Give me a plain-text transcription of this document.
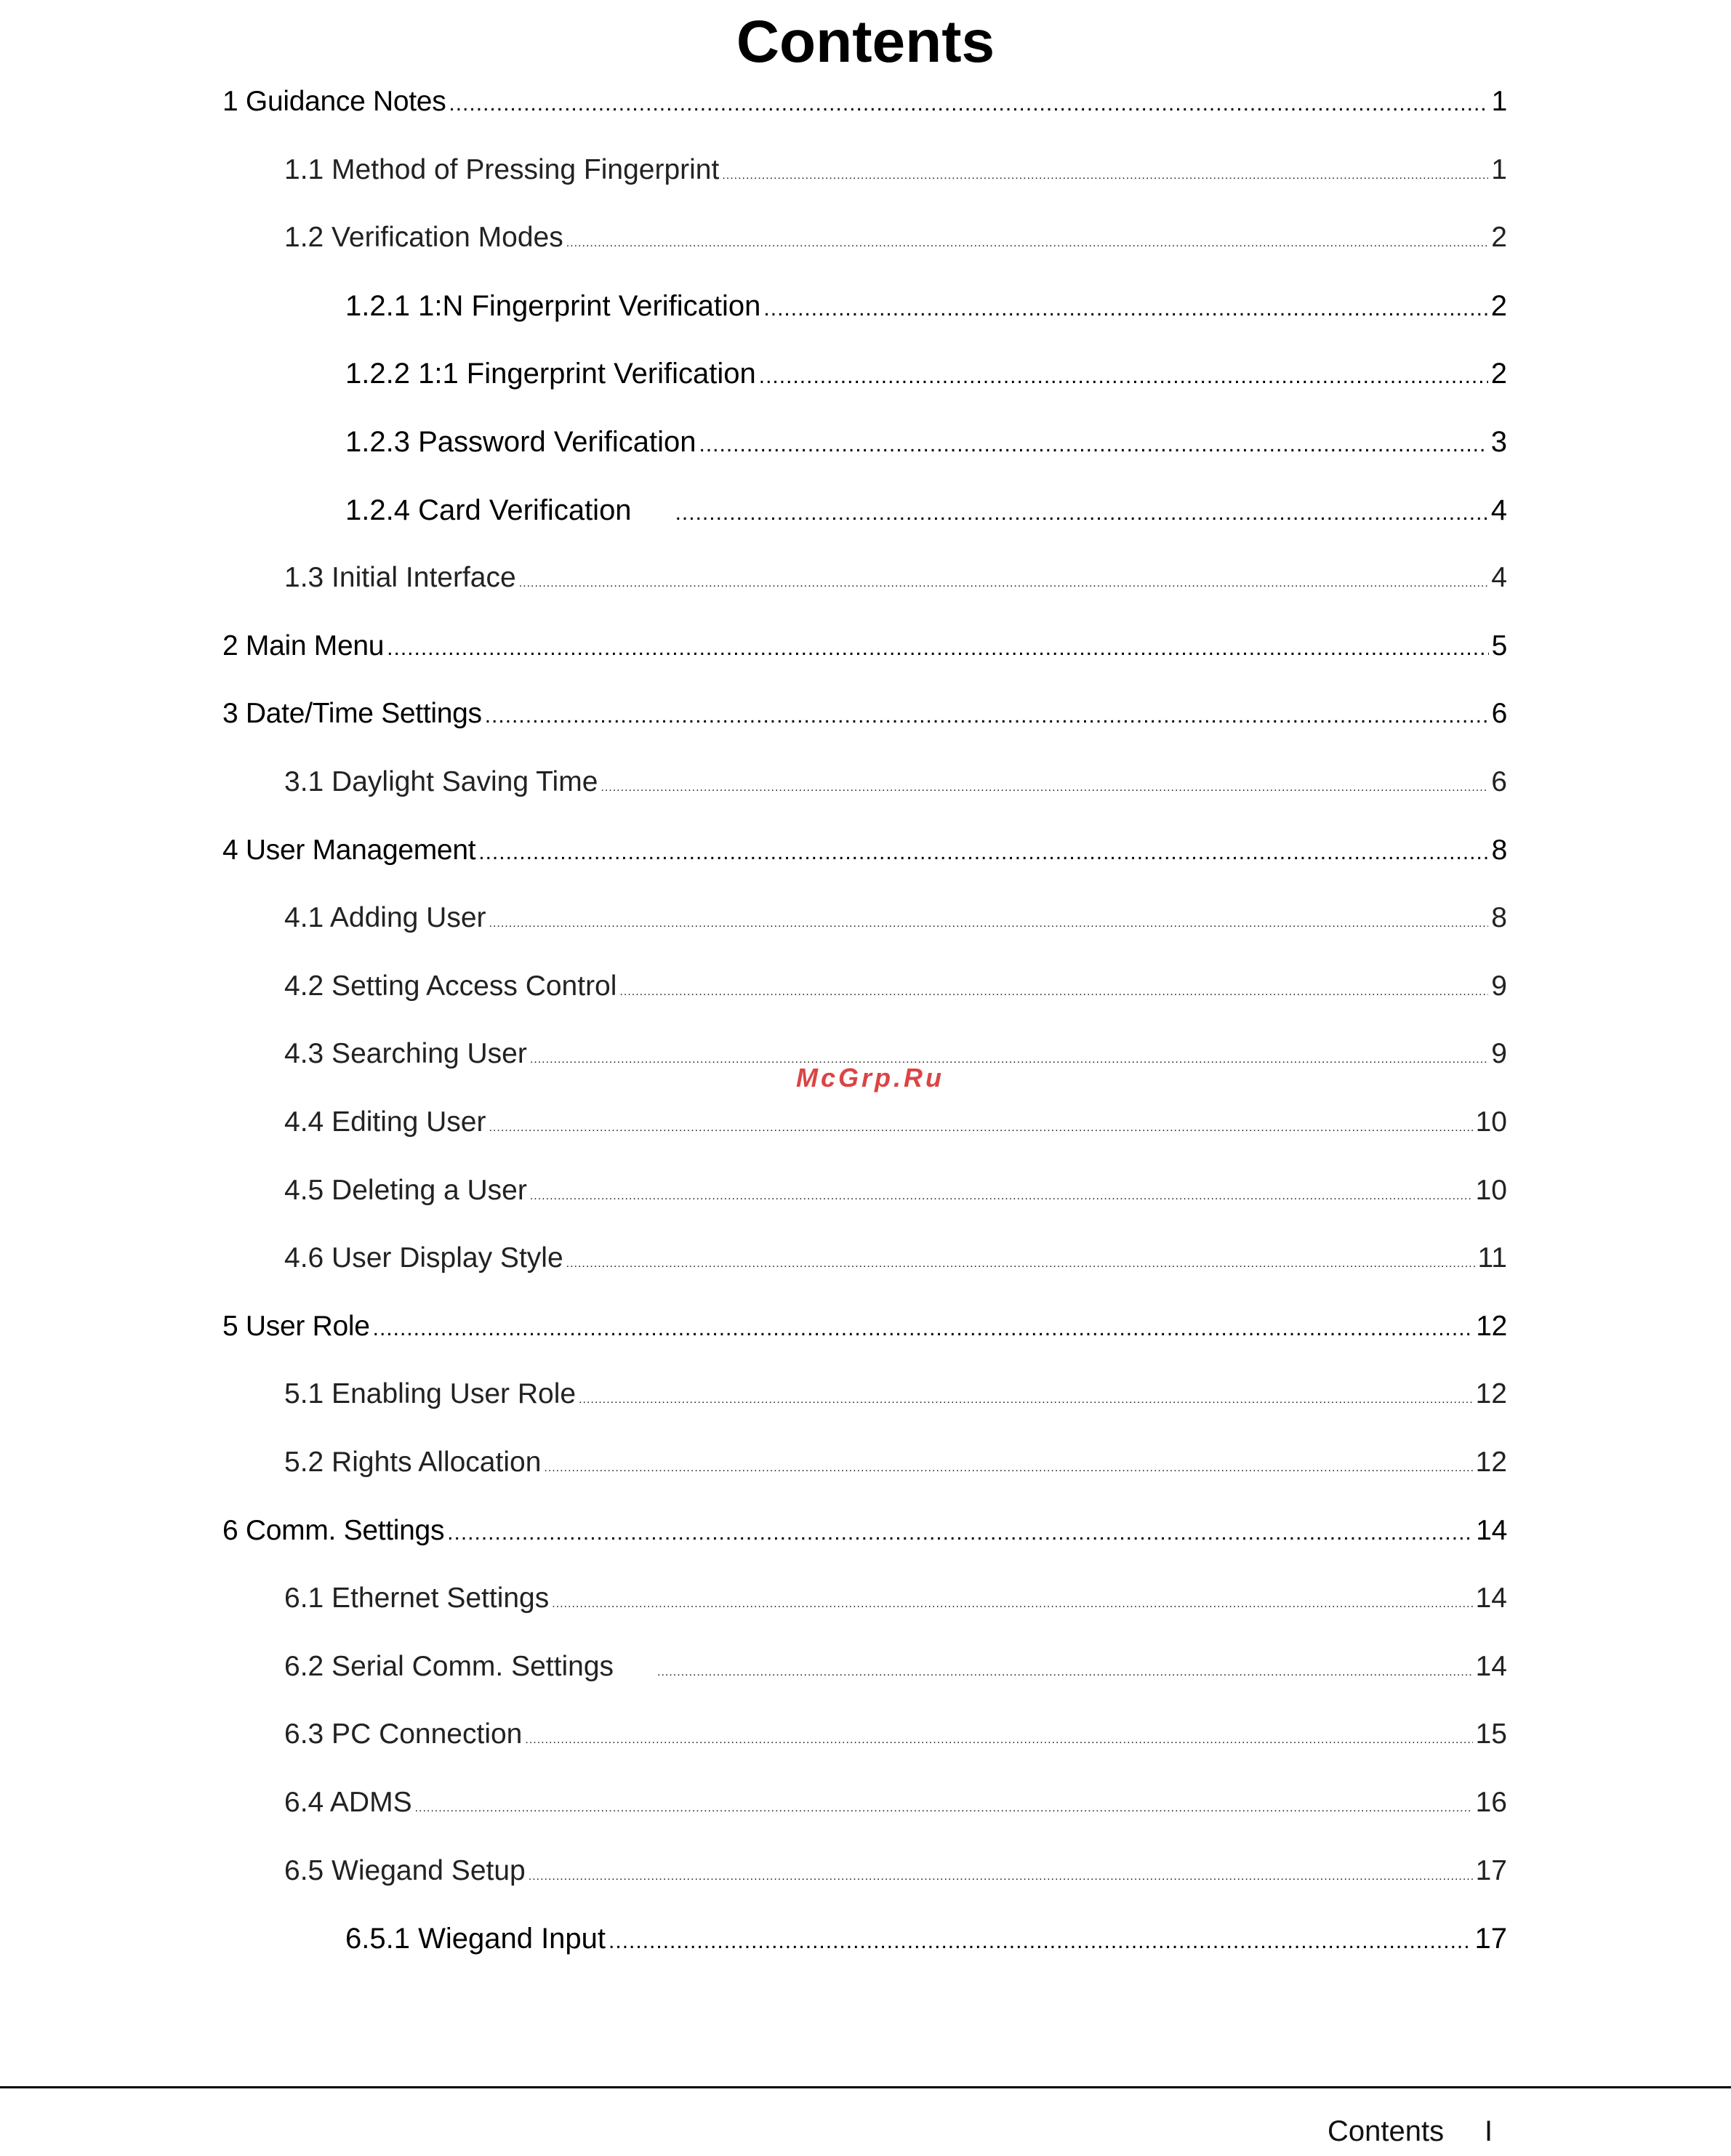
Contents
1 Guidance Notes .....	1
1.1 Method of Pressing Fingerprint .....	1
1.2 Verification Modes .....	2
1.2.1 1:N Fingerprint Verification .....	2
1.2.2 1:1 Fingerprint Verification .....	2
1.2.3 Password Verification .....	3
1.2.4 Card Verification .....	4
1.3 Initial Interface .....	4
2 Main Menu .....	5
3 Date/Time Settings .....	6
3.1 Daylight Saving Time .....	6
4 User Management .....	8
4.1 Adding User .....	8
4.2 Setting Access Control .....	9
4.3 Searching User .....	9
4.4 Editing User .....	10
4.5 Deleting a User .....	10
4.6 User Display Style .....	11
5 User Role .....	12
5.1 Enabling User Role .....	12
5.2 Rights Allocation .....	12
6 Comm. Settings .....	14
6.1 Ethernet Settings .....	14
6.2 Serial Comm. Settings .....	14
6.3 PC Connection .....	15
6.4 ADMS .....	16
6.5 Wiegand Setup .....	17
6.5.1 Wiegand Input .....	17
McGrp.Ru
Contents I
